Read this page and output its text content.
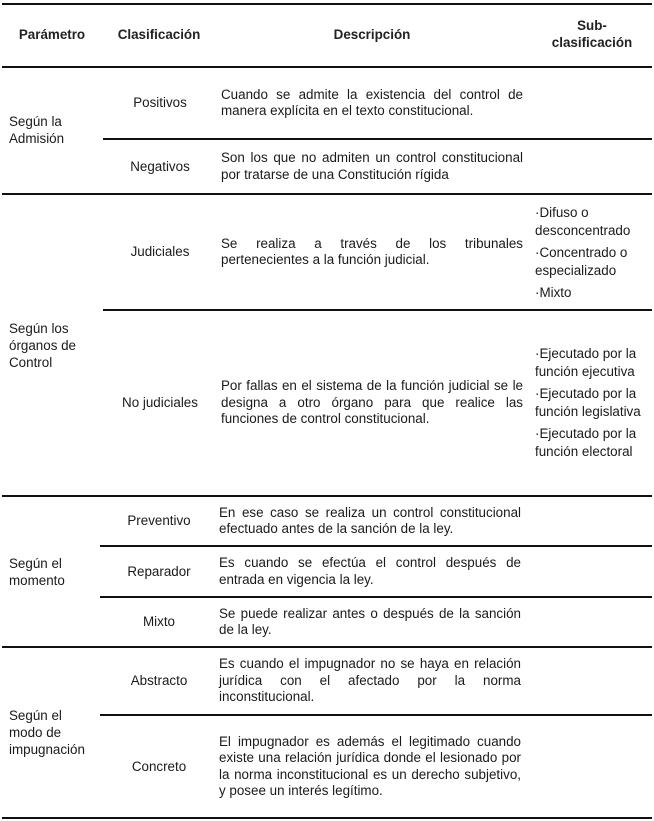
Parámetro Clasificación	Descripción
Sub-
clasificación
Según la Admisión
Positivos
Cuando se admite la existencia del control de manera explícita en el texto constitucional.
Negativos
Son los que no admiten un control constitucional por tratarse de una Constitución rígida
Según los órganos de Control
Judiciales
Se realiza a través de los tribunales pertenecientes a la función judicial.
·Difuso o desconcentrado
·Concentrado o especializado
·Mixto
No judiciales
Por fallas en el sistema de la función judicial se le designa a otro órgano para que realice las funciones de control constitucional.
·Ejecutado por la función ejecutiva
·Ejecutado por la función legislativa
·Ejecutado por la función electoral
Según el momento
Preventivo
En ese caso se realiza un control constitucional efectuado antes de la sanción de la ley.
Reparador
Es cuando se efectúa el control después de entrada en vigencia la ley.
Mixto
Se puede realizar antes o después de la sanción de la ley.
Según el modo de impugnación
Abstracto
Es cuando el impugnador no se haya en relación jurídica con el afectado por la norma inconstitucional.
Concreto
El impugnador es además el legitimado cuando existe una relación jurídica donde el lesionado por la norma inconstitucional es un derecho subjetivo, y posee un interés legítimo.
